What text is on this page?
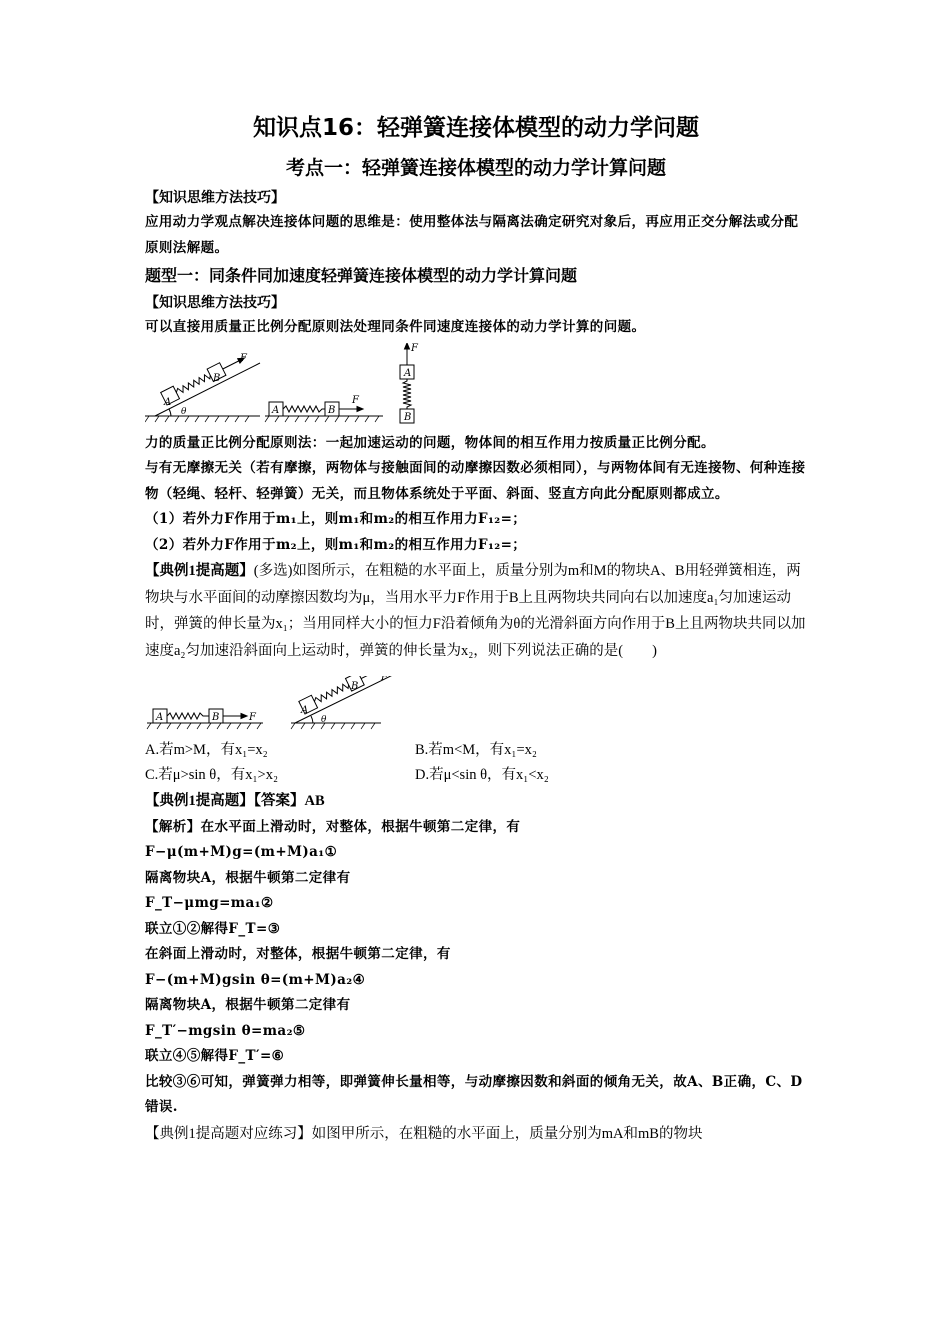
知识点16：轻弹簧连接体模型的动力学问题
考点一：轻弹簧连接体模型的动力学计算问题
【知识思维方法技巧】
应用动力学观点解决连接体问题的思维是：使用整体法与隔离法确定研究对象后，再应用正交分解法或分配原则法解题。
题型一：同条件同加速度轻弹簧连接体模型的动力学计算问题
【知识思维方法技巧】
可以直接用质量正比例分配原则法处理同条件同速度连接体的动力学计算的问题。
A
B
F
θ	A	B
F
A
B
F
力的质量正比例分配原则法：一起加速运动的问题，物体间的相互作用力按质量正比例分配。
与有无摩擦无关（若有摩擦，两物体与接触面间的动摩擦因数必须相同），与两物体间有无连接物、何种连接物（轻绳、轻杆、轻弹簧）无关，而且物体系统处于平面、斜面、竖直方向此分配原则都成立。
（1）若外力F作用于m₁上，则m₁和m₂的相互作用力F₁₂=；
（2）若外力F作用于m₂上，则m₁和m₂的相互作用力F₁₂=；
【典例1提高题】(多选)如图所示，在粗糙的水平面上，质量分别为m和M的物块A、B用轻弹簧相连，两物块与水平面间的动摩擦因数均为μ，当用水平力F作用于B上且两物块共同向右以加速度a₁匀加速运动时，弹簧的伸长量为x₁；当用同样大小的恒力F沿着倾角为θ的光滑斜面方向作用于B上且两物块共同以加速度a₂匀加速沿斜面向上运动时，弹簧的伸长量为x₂，则下列说法正确的是(　　)
A	B	F
A
B
F
θ
A.若m>M，有x₁=x₂	B.若m<M，有x₁=x₂
C.若μ>sin θ，有x₁>x₂	D.若μ<sin θ，有x₁<x₂
【典例1提高题】【答案】AB
【解析】在水平面上滑动时，对整体，根据牛顿第二定律，有
F−μ(m+M)g=(m+M)a₁①
隔离物块A，根据牛顿第二定律有
F_T−μmg=ma₁②
联立①②解得F_T=③
在斜面上滑动时，对整体，根据牛顿第二定律，有
F−(m+M)gsin θ=(m+M)a₂④
隔离物块A，根据牛顿第二定律有
F_T′−mgsin θ=ma₂⑤
联立④⑤解得F_T′=⑥
比较③⑥可知，弹簧弹力相等，即弹簧伸长量相等，与动摩擦因数和斜面的倾角无关，故A、B正确，C、D错误.
【典例1提高题对应练习】如图甲所示，在粗糙的水平面上，质量分别为mA和mB的物块
